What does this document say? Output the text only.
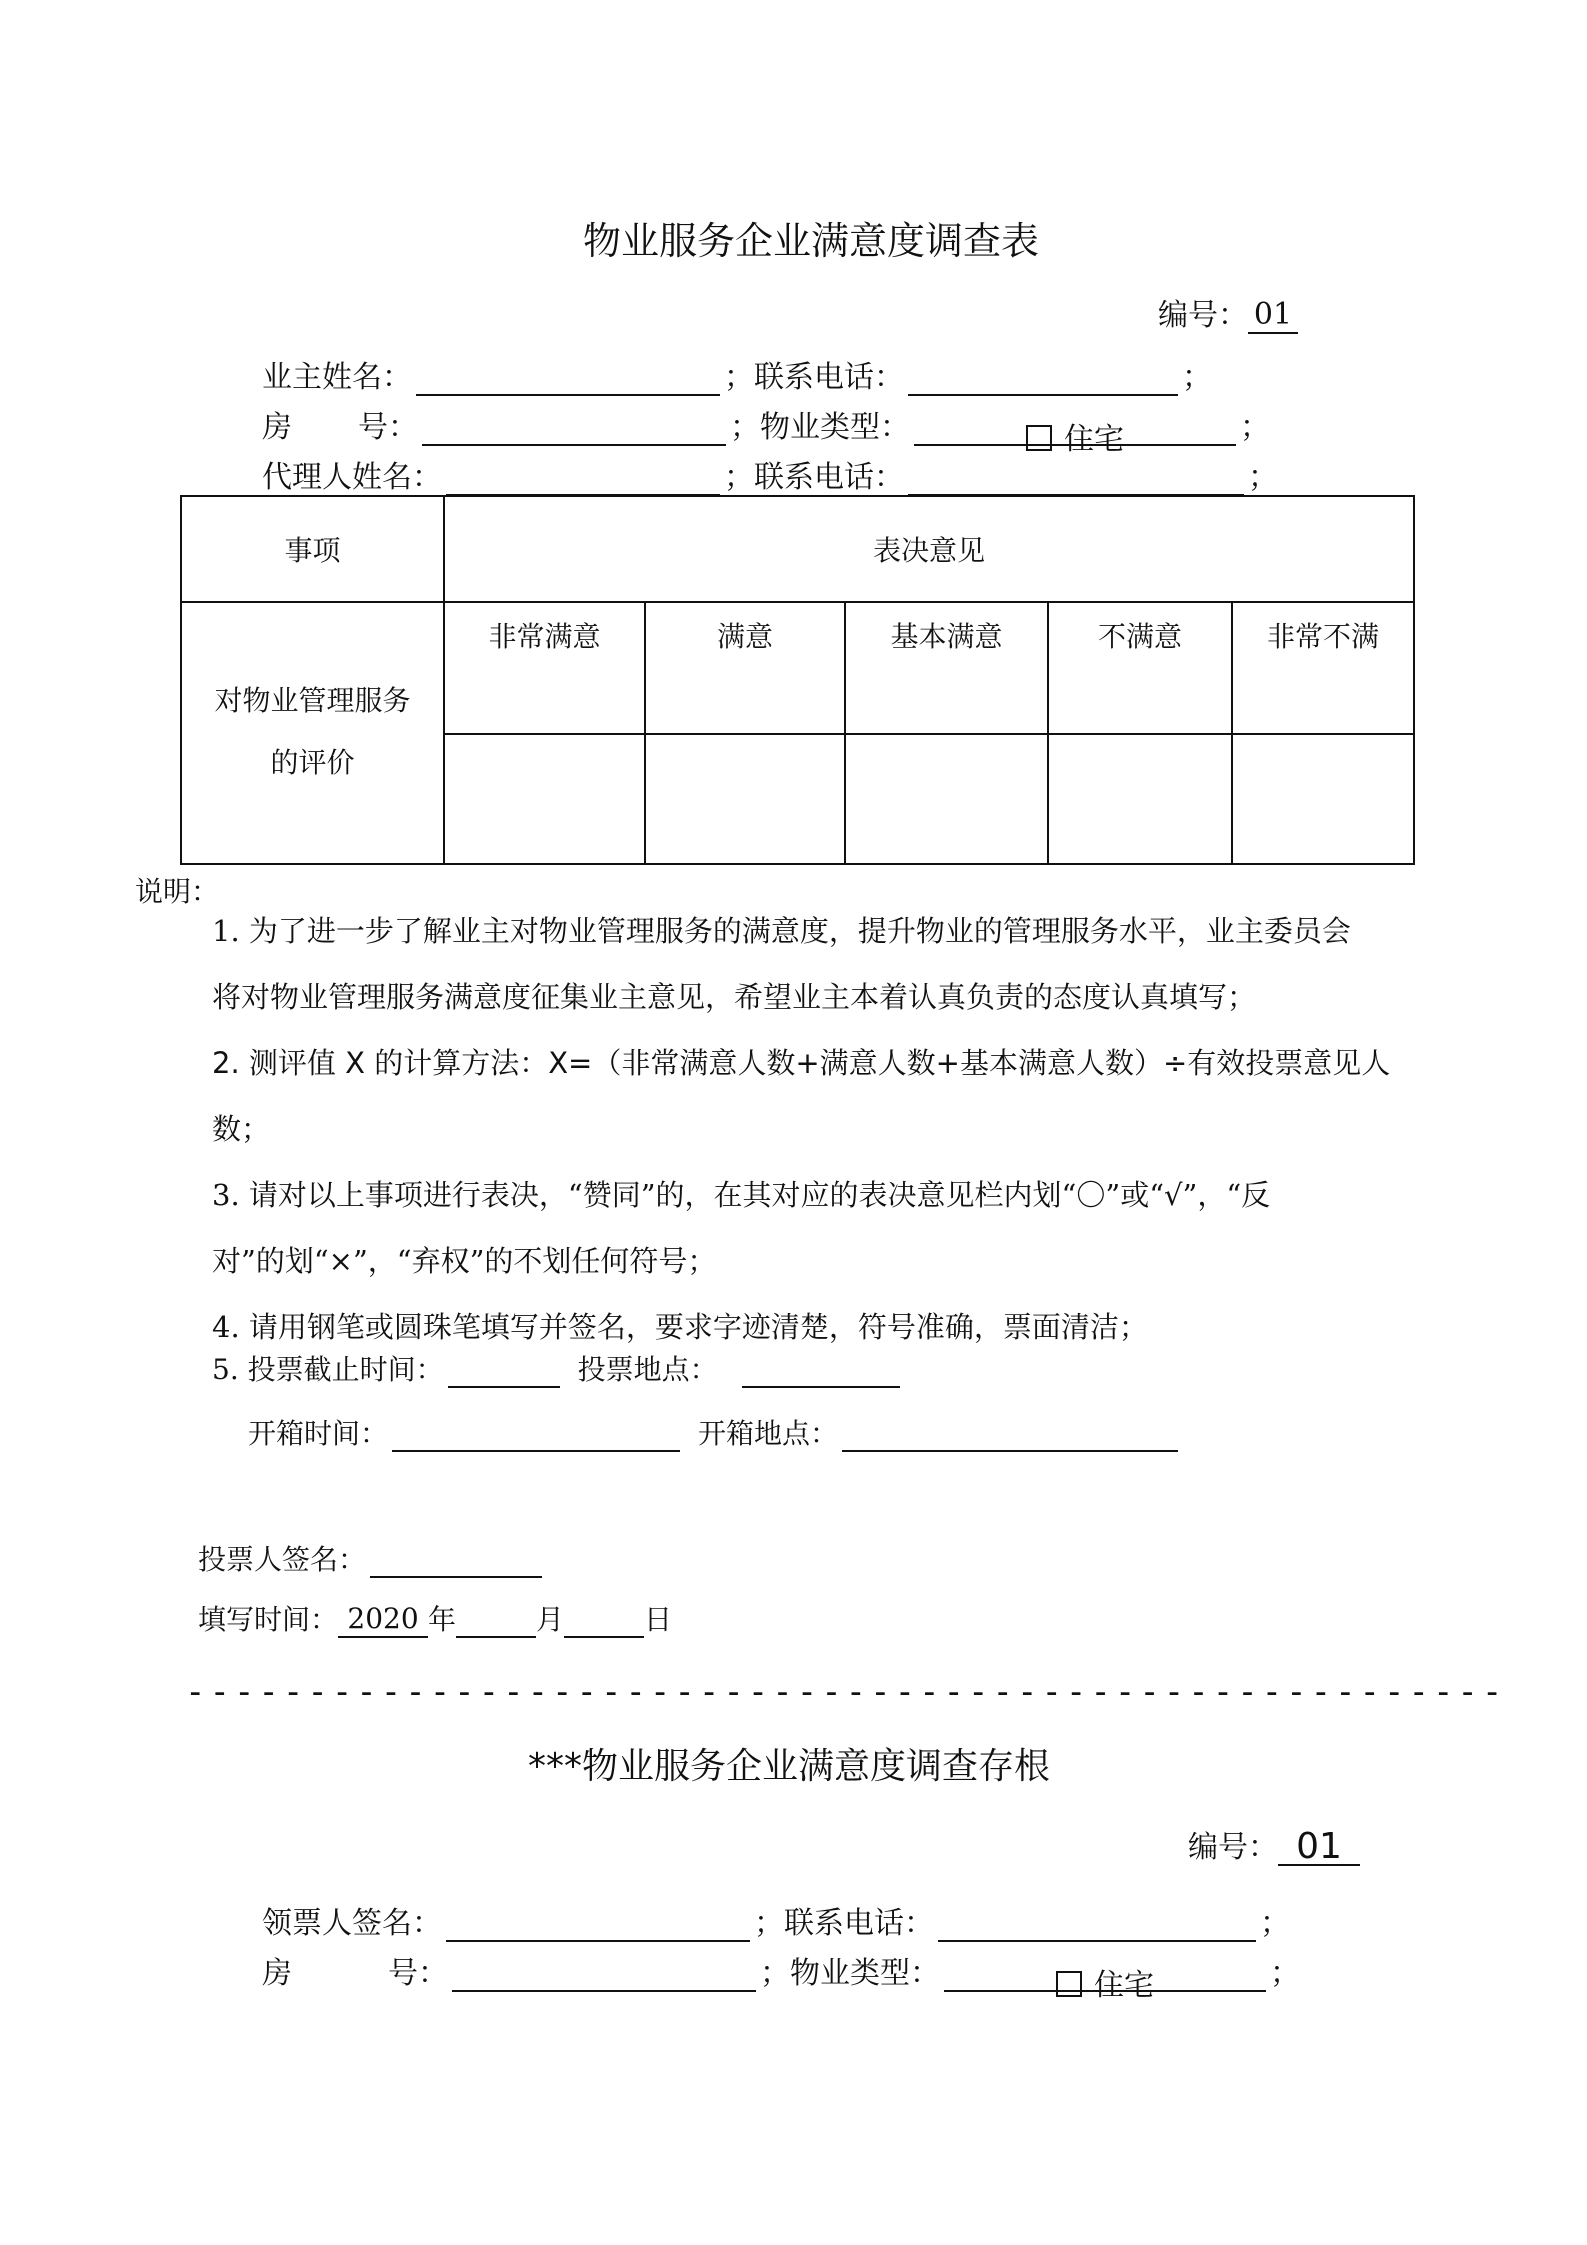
物业服务企业满意度调查表
编号： 01
业主姓名：	； 联系电话：	；
房 号：	； 物业类型：	住宅	；
代理人姓名：	； 联系电话：	；
事项	表决意见
对物业管理服务
的评价
非常满意	满意	基本满意	不满意	非常不满
说明：
1. 为了进一步了解业主对物业管理服务的满意度，提升物业的管理服务水平，业主委员会
将对物业管理服务满意度征集业主意见，希望业主本着认真负责的态度认真填写；
2. 测评值 X 的计算方法：X=（非常满意人数+满意人数+基本满意人数）÷有效投票意见人
数；
3. 请对以上事项进行表决，“赞同”的，在其对应的表决意见栏内划“〇”或“√”，“反
对”的划“×”，“弃权”的不划任何符号；
4. 请用钢笔或圆珠笔填写并签名，要求字迹清楚，符号准确，票面清洁；
5. 投票截止时间：	投票地点：
开箱时间：	开箱地点：
投票人签名：
填写时间： 2020 年	月	日
------------------------------------------------------
***物业服务企业满意度调查存根
编号： 01
领票人签名：	； 联系电话：	；
房	号：	； 物业类型：	住宅	；
